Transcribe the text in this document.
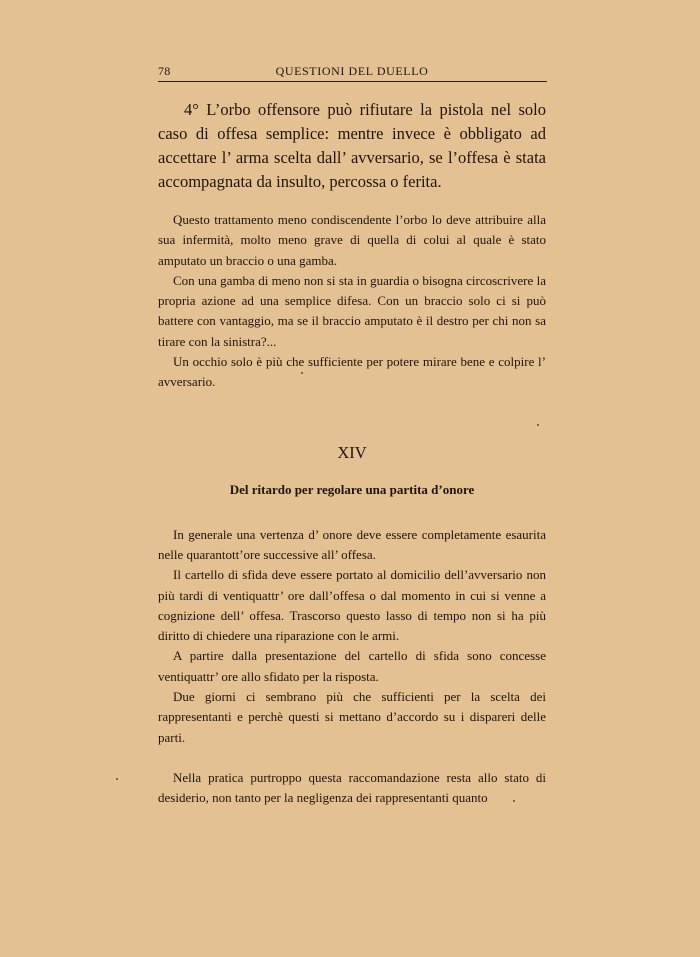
78	QUESTIONI DEL DUELLO

4° L’orbo offensore può rifiutare la pistola nel solo caso di offesa semplice: mentre invece è obbligato ad accettare l’ arma scelta dall’ avversario, se l’offesa è stata accompagnata da insulto, percossa o ferita.

Questo trattamento meno condiscendente l’orbo lo deve attribuire alla sua infermità, molto meno grave di quella di colui al quale è stato amputato un braccio o una gamba.

Con una gamba di meno non si sta in guardia o bisogna circoscrivere la propria azione ad una semplice difesa. Con un braccio solo ci si può battere con vantaggio, ma se il braccio amputato è il destro per chi non sa tirare con la sinistra?...

Un occhio solo è più che sufficiente per potere mirare bene e colpire l’ avversario.

XIV
Del ritardo per regolare una partita d’onore

In generale una vertenza d’ onore deve essere completamente esaurita nelle quarantott’ore successive all’ offesa.

Il cartello di sfida deve essere portato al domicilio dell’avversario non più tardi di ventiquattr’ ore dall’offesa o dal momento in cui si venne a cognizione dell’ offesa. Trascorso questo lasso di tempo non si ha più diritto di chiedere una riparazione con le armi.

A partire dalla presentazione del cartello di sfida sono concesse ventiquattr’ ore allo sfidato per la risposta.

Due giorni ci sembrano più che sufficienti per la scelta dei rappresentanti e perchè questi si mettano d’accordo su i dispareri delle parti.

Nella pratica purtroppo questa raccomandazione resta allo stato di desiderio, non tanto per la negligenza dei rappresentanti quanto
